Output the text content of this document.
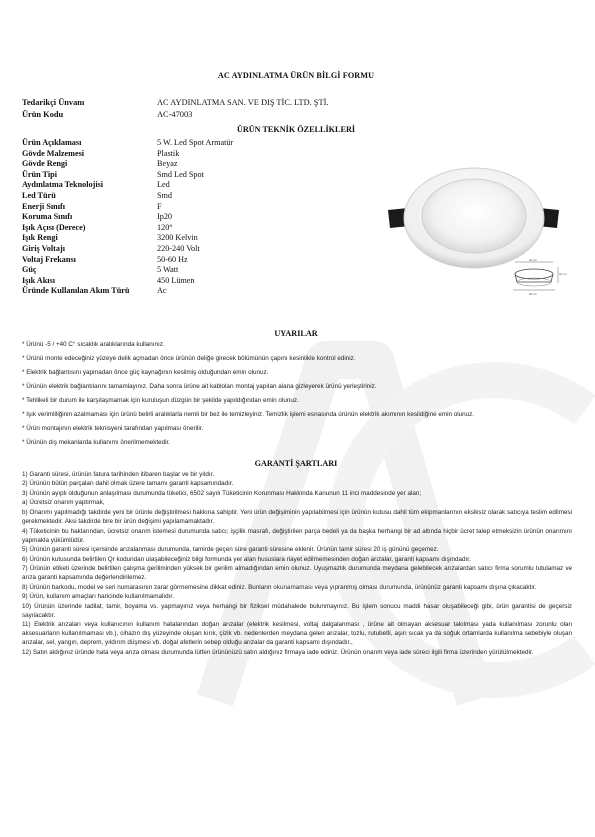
AC AYDINLATMA ÜRÜN BİLGİ FORMU
Tedarikçi Ünvanı	AC AYDINLATMA SAN. VE DIŞ TİC. LTD. ŞTİ.
Ürün Kodu	AC-47003
ÜRÜN TEKNİK ÖZELLİKLERİ
Ürün Açıklaması	5 W. Led Spot Armatür
Gövde Malzemesi	Plastik
Gövde Rengi	Beyaz
Ürün Tipi	Smd Led Spot
Aydınlatma Teknolojisi	Led
Led Türü	Smd
Enerji Sınıfı	F
Koruma Sınıfı	Ip20
Işık Açısı (Derece)	120°
Işık Rengi	3200 Kelvin
Giriş Voltajı	220-240 Volt
Voltaj Frekansı	50-60 Hz
Güç	5 Watt
Işık Akısı	450 Lümen
Üründe Kullanılan Akım Türü	Ac
92 mm
98 mm
40 mm
UYARILAR
* Ürünü -5 / +40 C° sıcaklık aralıklarında kullanınız.
* Ürünü monte edeceğiniz yüzeye delik açmadan önce ürünün deliğe girecek bölümünün çapını kesinlikle kontrol ediniz.
* Elektrik bağlantısını yapmadan önce güç kaynağının kesilmiş olduğundan emin olunuz.
* Ürünün elektrik bağlantılarını tamamlayınız. Daha sonra ürüne ait kabloları montaj yapılan alana gizleyerek ürünü yerleştiriniz.
* Tehlikeli bir durum ile karşılaşmamak için kuruluşun düzgün bir şekilde yapıldığından emin olunuz.
* Işık verimliliğinin azalmaması için ürünü belirli aralıklarla nemli bir bez ile temizleyiniz. Temizlik işlemi esnasında ürünün elektrik akımının kesildiğine emin olunuz.
* Ürün montajının elektrik teknisyeni tarafından yapılması önerilir.
* Ürünün dış mekanlarda kullanımı önerilmemektedir.
GARANTİ ŞARTLARI
1) Garanti süresi, ürünün fatura tarihinden itibaren başlar ve bir yıldır.
2) Ürünün bütün parçaları dahil olmak üzere tamamı garanti kapsamındadır.
3) Ürünün ayıplı olduğunun anlaşılması durumunda tüketici, 6502 sayılı Tüketicinin Korunması Hakkında Kanunun 11 inci maddesinde yer alan;
a) Ücretsiz onarım yaptırmak,
b) Onarımı yapılmadığı takdirde yeni bir ürünle değiştirilmesi hakkına sahiptir. Yeni ürün değişiminin yapılabilmesi için ürünün kutusu dahil tüm ekipmanlarının eksiksiz olarak satıcıya teslim edilmesi gerekmektedir. Aksi takdirde bire bir ürün değişimi yapılamamaktadır.
4) Tüketicinin bu haklarından, ücretsiz onarım istemesi durumunda satıcı; işçilik masrafı, değiştirilen parça bedeli ya da başka herhangi bir ad altında hiçbir ücret talep etmeksizin ürünün onarımını yapmakla yükümlüdür.
5) Ürünün garanti süresi içerisinde arızalanması durumunda, tamirde geçen süre garanti süresine eklenir. Ürünün tamir süresi 20 iş gününü geçemez.
6) Ürünün kutusunda belirtilen Qr kodundan ulaşabileceğiniz bilgi formunda yer alan hususlara riayet edilmemesinden doğan arızalar, garanti kapsamı dışındadır.
7) Ürünün etiketi üzerinde belirtilen çalışma geriliminden yüksek bir gerilim almadığından emin olunuz. Uyuşmazlık durumunda meydana gelebilecek arızalardan satıcı firma sorumlu tutulamaz ve arıza garanti kapsamında değerlendirilemez.
8) Ürünün barkodu, model ve seri numarasının zarar görmemesine dikkat ediniz. Bunların okunamaması veya yıpranmış olması durumunda, ürününüz garanti kapsamı dışına çıkacaktır.
9) Ürün, kullanım amaçları haricinde kullanılmamalıdır.
10) Ürünün üzerinde tadilat, tamir, boyama vs. yapmayınız veya herhangi bir fiziksel müdahalede bulunmayınız. Bu işlem sonucu maddi hasar oluşabileceği gibi, ürün garantisi de geçersiz sayılacaktır.
11) Elektrik arızaları veya kullanıcının kullanım hatalarından doğan arızalar (elektrik kesilmesi, voltaj dalgalanması , ürüne ait olmayan aksesuar takılması yada kullanılması zorunlu olan aksesuarların kullanılmaması vb.), cihazın dış yüzeyinde oluşan kırık, çizik vb. nedenlerden meydana gelen arızalar, tozlu, rutubetli, aşırı sıcak ya da soğuk ortamlarda kullanılma sebebiyle oluşan arızalar, sel, yangın, deprem, yıldırım düşmesi vb. doğal afetlerin sebep olduğu arızalar da garanti kapsamı dışındadır.,
12) Satın aldığınız üründe hata veya arıza olması durumunda lütfen ürününüzü satın aldığınız firmaya iade ediniz. Ürünün onarım veya iade süreci ilgili firma üzerinden yürütülmektedir.
